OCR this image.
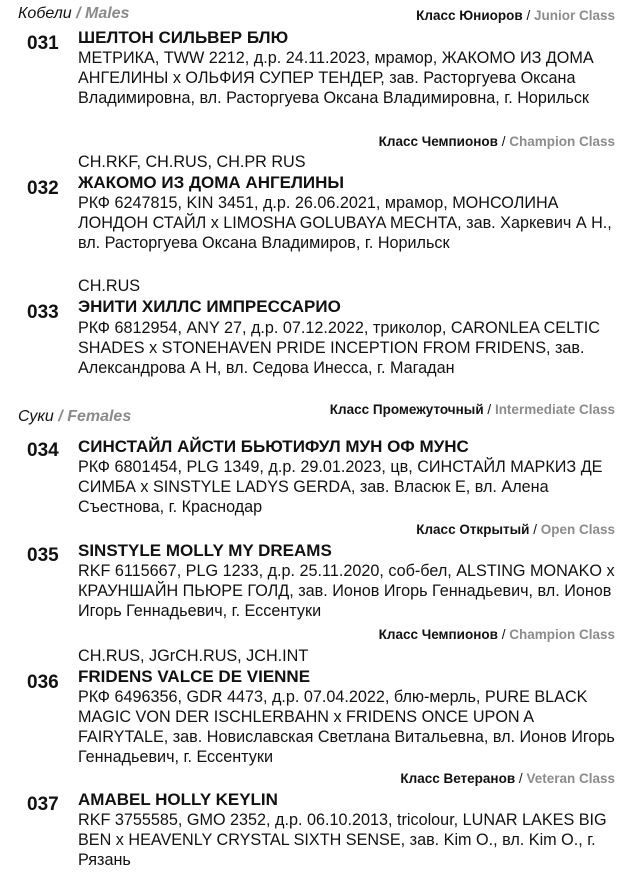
Кобели / Males	Класс Юниоров / Junior Class
031 ШЕЛТОН СИЛЬВЕР БЛЮ
МЕТРИКА, TWW 2212, д.р. 24.11.2023, мрамор, ЖАКОМО ИЗ ДОМА АНГЕЛИНЫ x ОЛЬФИЯ СУПЕР ТЕНДЕР, зав. Расторгуева Оксана Владимировна, вл. Расторгуева Оксана Владимировна, г. Норильск
Класс Чемпионов / Champion Class
CH.RKF, CH.RUS, CH.PR RUS
032 ЖАКОМО ИЗ ДОМА АНГЕЛИНЫ
РКФ 6247815, KIN 3451, д.р. 26.06.2021, мрамор, МОНСОЛИНА ЛОНДОН СТАЙЛ x LIMOSHA GOLUBAYA MECHTA, зав. Харкевич А Н., вл. Расторгуева Оксана Владимиров, г. Норильск
CH.RUS
033 ЭНИТИ ХИЛЛС ИМПРЕССАРИО
РКФ 6812954, ANY 27, д.р. 07.12.2022, триколор, CARONLEA CELTIC SHADES x STONEHAVEN PRIDE INCEPTION FROM FRIDENS, зав. Александрова А Н, вл. Седова Инесса, г. Магадан
Суки / Females	Класс Промежуточный / Intermediate Class
034 СИНСТАЙЛ АЙСТИ БЬЮТИФУЛ МУН ОФ МУНС
РКФ 6801454, PLG 1349, д.р. 29.01.2023, цв, СИНСТАЙЛ МАРКИЗ ДЕ СИМБА x SINSTYLE LADYS GERDA, зав. Власюк Е, вл. Алена Съестнова, г. Краснодар
Класс Открытый / Open Class
035 SINSTYLE MOLLY MY DREAMS
RKF 6115667, PLG 1233, д.р. 25.11.2020, соб-бел, ALSTING MONAKO x КРАУНШАЙН ПЬЮРЕ ГОЛД, зав. Ионов Игорь Геннадьевич, вл. Ионов Игорь Геннадьевич, г. Ессентуки
Класс Чемпионов / Champion Class
CH.RUS, JGrCH.RUS, JCH.INT
036 FRIDENS VALCE DE VIENNE
РКФ 6496356, GDR 4473, д.р. 07.04.2022, блю-мерль, PURE BLACK MAGIC VON DER ISCHLERBAHN x FRIDENS ONCE UPON A FAIRYTALE, зав. Новиславская Светлана Витальевна, вл. Ионов Игорь Геннадьевич, г. Ессентуки
Класс Ветеранов / Veteran Class
037 AMABEL HOLLY KEYLIN
RKF 3755585, GMO 2352, д.р. 06.10.2013, tricolour, LUNAR LAKES BIG BEN x HEAVENLY CRYSTAL SIXTH SENSE, зав. Kim O., вл. Kim O., г. Рязань
